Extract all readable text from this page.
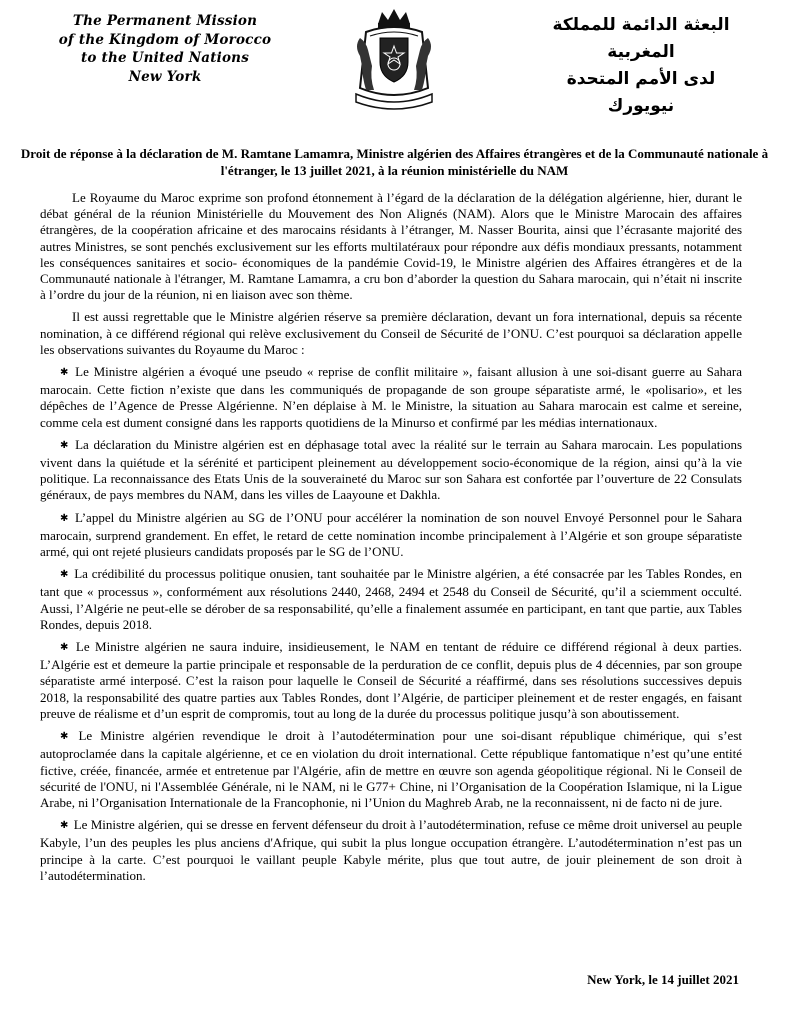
The Permanent Mission
of the Kingdom of Morocco
to the United Nations
New York
البعثة الدائمة للمملكة المغربية
لدى الأمم المتحدة
نيويورك
Droit de réponse à la déclaration de M. Ramtane Lamamra, Ministre algérien des Affaires étrangères et de la Communauté nationale à l'étranger, le 13 juillet 2021, à la réunion ministérielle du NAM

Le Royaume du Maroc exprime son profond étonnement à l’égard de la déclaration de la délégation algérienne, hier, durant le débat général de la réunion Ministérielle du Mouvement des Non Alignés (NAM). Alors que le Ministre Marocain des affaires étrangères, de la coopération africaine et des marocains résidants à l’étranger, M. Nasser Bourita, ainsi que l’écrasante majorité des autres Ministres, se sont penchés exclusivement sur les efforts multilatéraux pour répondre aux défis mondiaux pressants, notamment les conséquences sanitaires et socio- économiques de la pandémie Covid-19, le Ministre algérien des Affaires étrangères et de la Communauté nationale à l'étranger, M. Ramtane Lamamra, a cru bon d’aborder la question du Sahara marocain, qui n’était ni inscrite à l’ordre du jour de la réunion, ni en liaison avec son thème.

Il est aussi regrettable que le Ministre algérien réserve sa première déclaration, devant un fora international, depuis sa récente nomination, à ce différend régional qui relève exclusivement du Conseil de Sécurité de l’ONU. C’est pourquoi sa déclaration appelle les observations suivantes du Royaume du Maroc :

✱ Le Ministre algérien a évoqué une pseudo « reprise de conflit militaire », faisant allusion à une soi-disant guerre au Sahara marocain. Cette fiction n’existe que dans les communiqués de propagande de son groupe séparatiste armé, le «polisario», et les dépêches de l’Agence de Presse Algérienne. N’en déplaise à M. le Ministre, la situation au Sahara marocain est calme et sereine, comme cela est dument consigné dans les rapports quotidiens de la Minurso et confirmé par les médias internationaux.

✱ La déclaration du Ministre algérien est en déphasage total avec la réalité sur le terrain au Sahara marocain. Les populations vivent dans la quiétude et la sérénité et participent pleinement au développement socio-économique de la région, ainsi qu’à la vie politique. La reconnaissance des Etats Unis de la souveraineté du Maroc sur son Sahara est confortée par l’ouverture de 22 Consulats généraux, de pays membres du NAM, dans les villes de Laayoune et Dakhla.

✱ L’appel du Ministre algérien au SG de l’ONU pour accélérer la nomination de son nouvel Envoyé Personnel pour le Sahara marocain, surprend grandement. En effet, le retard de cette nomination incombe principalement à l’Algérie et son groupe séparatiste armé, qui ont rejeté plusieurs candidats proposés par le SG de l’ONU.

✱ La crédibilité du processus politique onusien, tant souhaitée par le Ministre algérien, a été consacrée par les Tables Rondes, en tant que « processus », conformément aux résolutions 2440, 2468, 2494 et 2548 du Conseil de Sécurité, qu’il a sciemment occulté. Aussi, l’Algérie ne peut-elle se dérober de sa responsabilité, qu’elle a finalement assumée en participant, en tant que partie, aux Tables Rondes, depuis 2018.

✱ Le Ministre algérien ne saura induire, insidieusement, le NAM en tentant de réduire ce différend régional à deux parties. L’Algérie est et demeure la partie principale et responsable de la perduration de ce conflit, depuis plus de 4 décennies, par son groupe séparatiste armé interposé. C’est la raison pour laquelle le Conseil de Sécurité a réaffirmé, dans ses résolutions successives depuis 2018, la responsabilité des quatre parties aux Tables Rondes, dont l’Algérie, de participer pleinement et de rester engagés, en faisant preuve de réalisme et d’un esprit de compromis, tout au long de la durée du processus politique jusqu’à son aboutissement.

✱ Le Ministre algérien revendique le droit à l’autodétermination pour une soi-disant république chimérique, qui s’est autoproclamée dans la capitale algérienne, et ce en violation du droit international. Cette république fantomatique n’est qu’une entité fictive, créée, financée, armée et entretenue par l'Algérie, afin de mettre en œuvre son agenda géopolitique régional. Ni le Conseil de sécurité de l'ONU, ni l'Assemblée Générale, ni le NAM, ni le G77+ Chine, ni l’Organisation de la Coopération Islamique, ni la Ligue Arabe, ni l’Organisation Internationale de la Francophonie, ni l’Union du Maghreb Arab, ne la reconnaissent, ni de facto ni de jure.

✱ Le Ministre algérien, qui se dresse en fervent défenseur du droit à l’autodétermination, refuse ce même droit universel au peuple Kabyle, l’un des peuples les plus anciens d'Afrique, qui subit la plus longue occupation étrangère. L’autodétermination n’est pas un principe à la carte. C’est pourquoi le vaillant peuple Kabyle mérite, plus que tout autre, de jouir pleinement de son droit à l’autodétermination.

New York, le 14 juillet 2021
